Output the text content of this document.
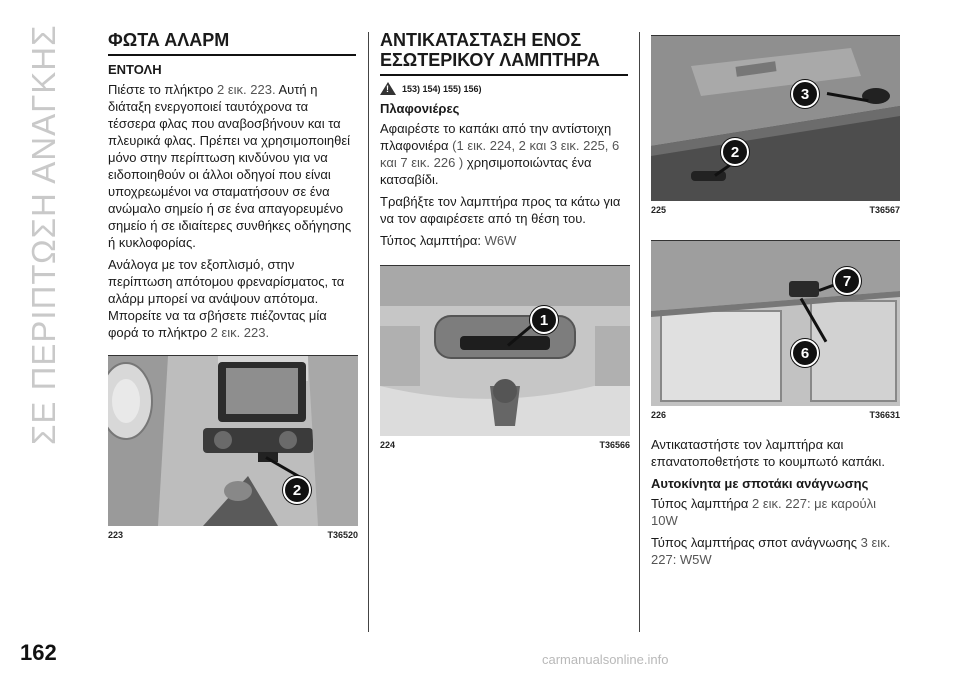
ΣΕ ΠΕΡΙΠΤΩΣΗ ΑΝΑΓΚΗΣ
162	carmanualsonline.info
ΦΩΤΑ ΑΛΑΡΜ
ΕΝΤΟΛΗ

Πιέστε το πλήκτρο 2 εικ. 223. Αυτή η διάταξη ενεργοποιεί ταυτόχρονα τα τέσσερα φλας που αναβοσβήνουν και τα πλευρικά φλας. Πρέπει να χρησιμοποιηθεί μόνο στην περίπτωση κινδύνου για να ειδοποιηθούν οι άλλοι οδηγοί που είναι υποχρεωμένοι να σταματήσουν σε ένα ανώμαλο σημείο ή σε ένα απαγορευμένο σημείο ή σε ιδιαίτερες συνθήκες οδήγησης ή κυκλοφορίας.

Ανάλογα με τον εξοπλισμό, στην περίπτωση απότομου φρεναρίσματος, τα αλάρμ μπορεί να ανάψουν απότομα. Μπορείτε να τα σβήσετε πιέζοντας μία φορά το πλήκτρο 2 εικ. 223.

2
223	T36520
ΑΝΤΙΚΑΤΑΣΤΑΣΗ ΕΝΟΣ ΕΣΩΤΕΡΙΚΟΥ ΛΑΜΠΤΗΡΑ
! 153) 154) 155) 156)
Πλαφονιέρες

Αφαιρέστε το καπάκι από την αντίστοιχη πλαφονιέρα (1 εικ. 224, 2 και 3 εικ. 225, 6 και 7 εικ. 226 ) χρησιμοποιώντας ένα κατσαβίδι.

Τραβήξτε τον λαμπτήρα προς τα κάτω για να τον αφαιρέσετε από τη θέση του.

Τύπος λαμπτήρα: W6W

1
224	T36566
3
2
225	T36567
7
6
226	T36631

Αντικαταστήστε τον λαμπτήρα και επανατοποθετήστε το κουμπωτό καπάκι.

Αυτοκίνητα με σποτάκι ανάγνωσης

Τύπος λαμπτήρα 2 εικ. 227: με καρούλι 10W

Τύπος λαμπτήρας σποτ ανάγνωσης 3 εικ. 227: W5W
